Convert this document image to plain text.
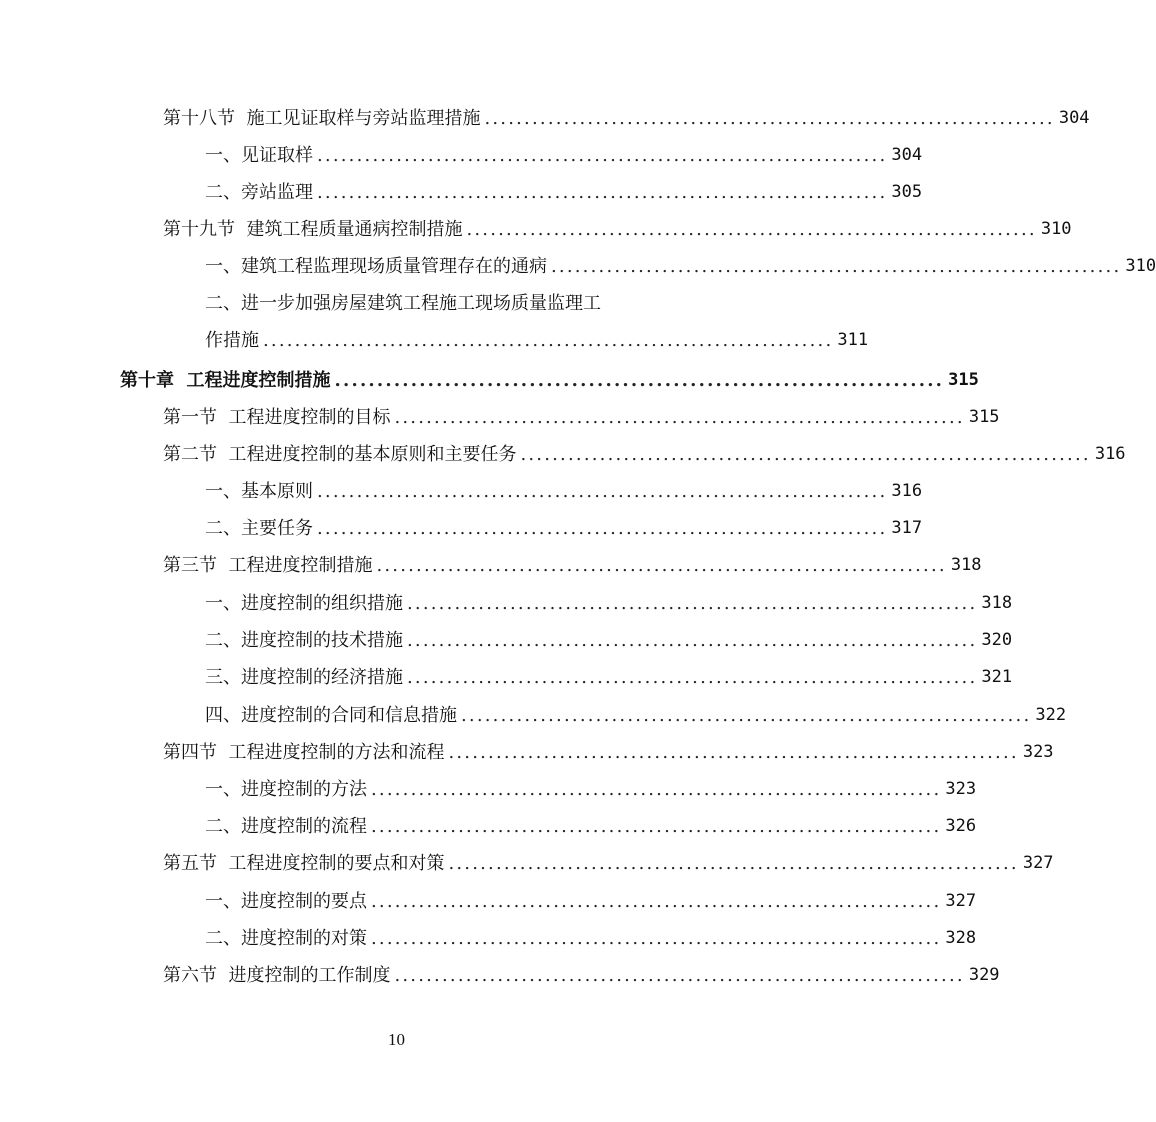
第十八节  施工见证取样与旁站监理措施 ........................................................................ 304
一、见证取样 ........................................................................ 304
二、旁站监理 ........................................................................ 305
第十九节  建筑工程质量通病控制措施 ........................................................................ 310
一、建筑工程监理现场质量管理存在的通病 ........................................................................ 310
二、进一步加强房屋建筑工程施工现场质量监理工
作措施 ........................................................................ 311
第十章  工程进度控制措施 ........................................................................ 315
第一节  工程进度控制的目标 ........................................................................ 315
第二节  工程进度控制的基本原则和主要任务 ........................................................................ 316
一、基本原则 ........................................................................ 316
二、主要任务 ........................................................................ 317
第三节  工程进度控制措施 ........................................................................ 318
一、进度控制的组织措施 ........................................................................ 318
二、进度控制的技术措施 ........................................................................ 320
三、进度控制的经济措施 ........................................................................ 321
四、进度控制的合同和信息措施 ........................................................................ 322
第四节  工程进度控制的方法和流程 ........................................................................ 323
一、进度控制的方法 ........................................................................ 323
二、进度控制的流程 ........................................................................ 326
第五节  工程进度控制的要点和对策 ........................................................................ 327
一、进度控制的要点 ........................................................................ 327
二、进度控制的对策 ........................................................................ 328
第六节  进度控制的工作制度 ........................................................................ 329
10
